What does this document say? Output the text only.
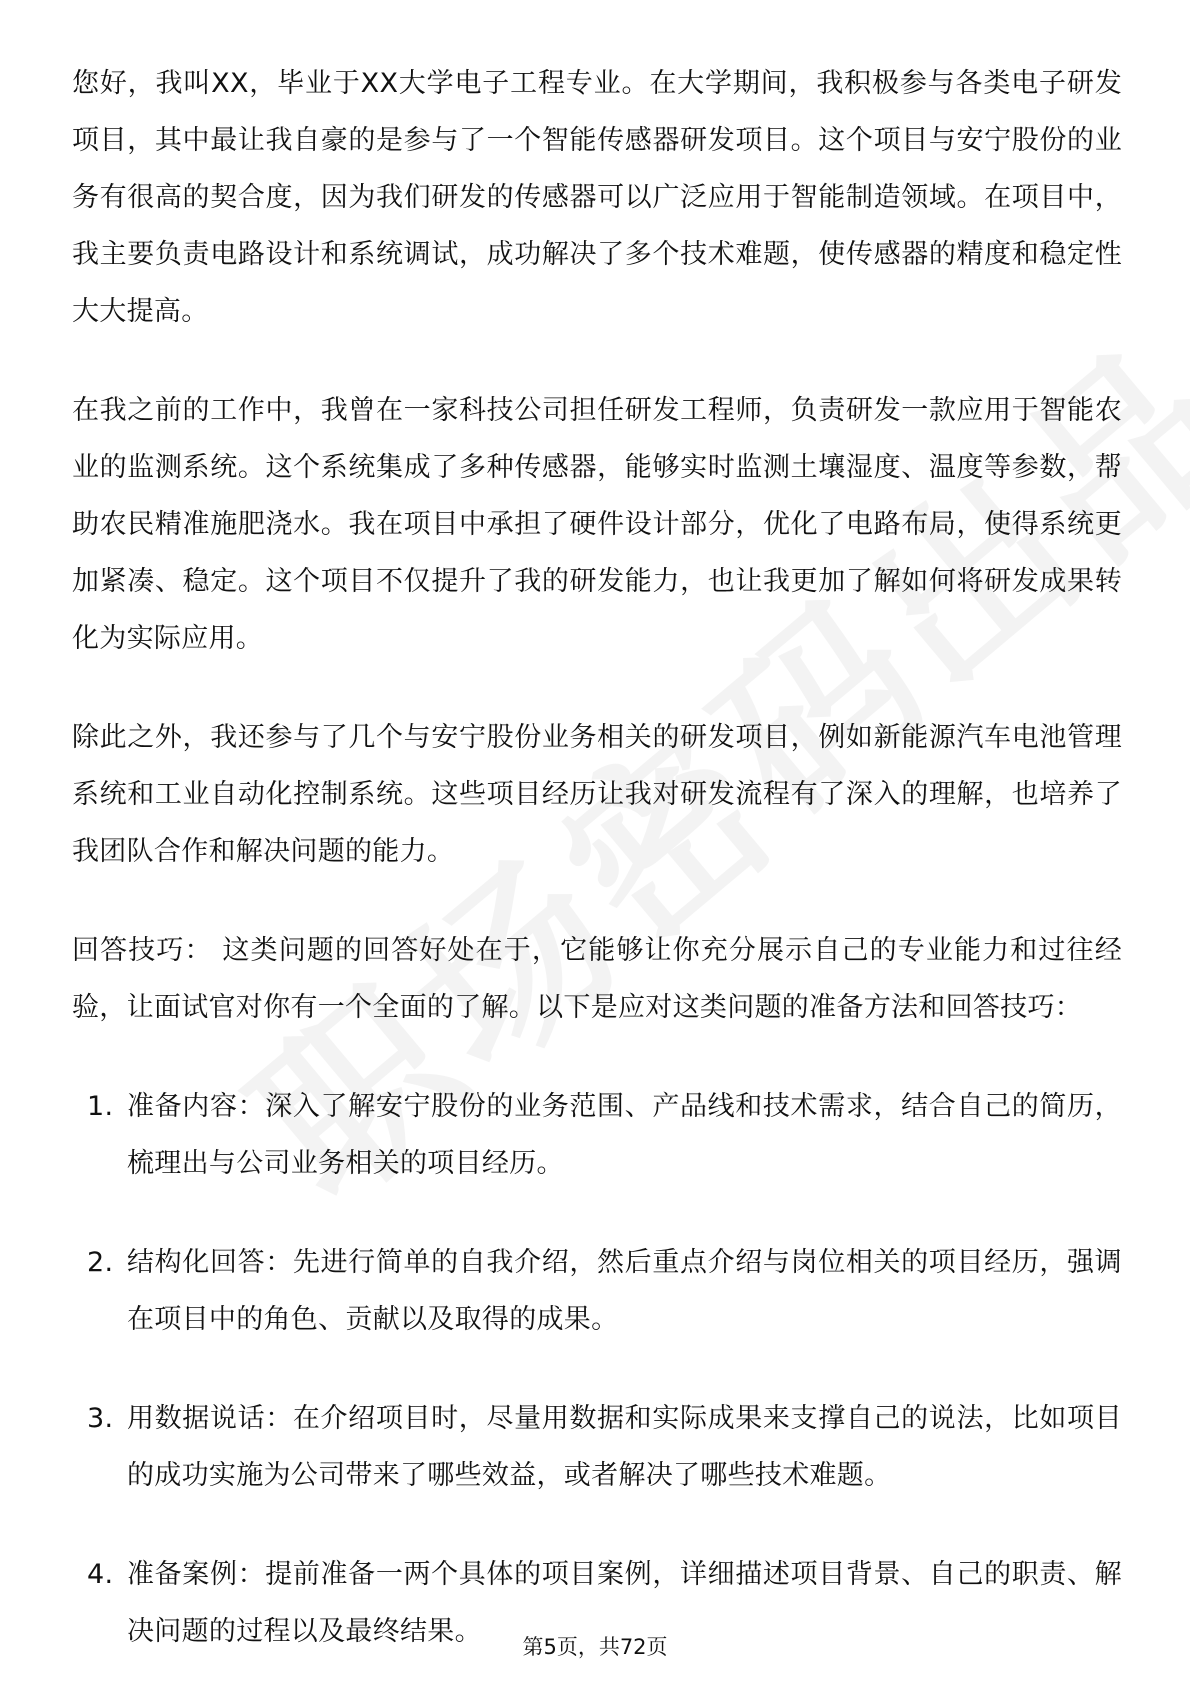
您好，我叫XX，毕业于XX大学电子工程专业。在大学期间，我积极参与各类电子研发项目，其中最让我自豪的是参与了一个智能传感器研发项目。这个项目与安宁股份的业务有很高的契合度，因为我们研发的传感器可以广泛应用于智能制造领域。在项目中，我主要负责电路设计和系统调试，成功解决了多个技术难题，使传感器的精度和稳定性大大提高。

在我之前的工作中，我曾在一家科技公司担任研发工程师，负责研发一款应用于智能农业的监测系统。这个系统集成了多种传感器，能够实时监测土壤湿度、温度等参数，帮助农民精准施肥浇水。我在项目中承担了硬件设计部分，优化了电路布局，使得系统更加紧凑、稳定。这个项目不仅提升了我的研发能力，也让我更加了解如何将研发成果转化为实际应用。

除此之外，我还参与了几个与安宁股份业务相关的研发项目，例如新能源汽车电池管理系统和工业自动化控制系统。这些项目经历让我对研发流程有了深入的理解，也培养了我团队合作和解决问题的能力。

回答技巧： 这类问题的回答好处在于，它能够让你充分展示自己的专业能力和过往经验，让面试官对你有一个全面的了解。以下是应对这类问题的准备方法和回答技巧：

1. 准备内容：深入了解安宁股份的业务范围、产品线和技术需求，结合自己的简历，梳理出与公司业务相关的项目经历。
2. 结构化回答：先进行简单的自我介绍，然后重点介绍与岗位相关的项目经历，强调在项目中的角色、贡献以及取得的成果。
3. 用数据说话：在介绍项目时，尽量用数据和实际成果来支撑自己的说法，比如项目的成功实施为公司带来了哪些效益，或者解决了哪些技术难题。
4. 准备案例：提前准备一两个具体的项目案例，详细描述项目背景、自己的职责、解决问题的过程以及最终结果。	第5页，共72页
